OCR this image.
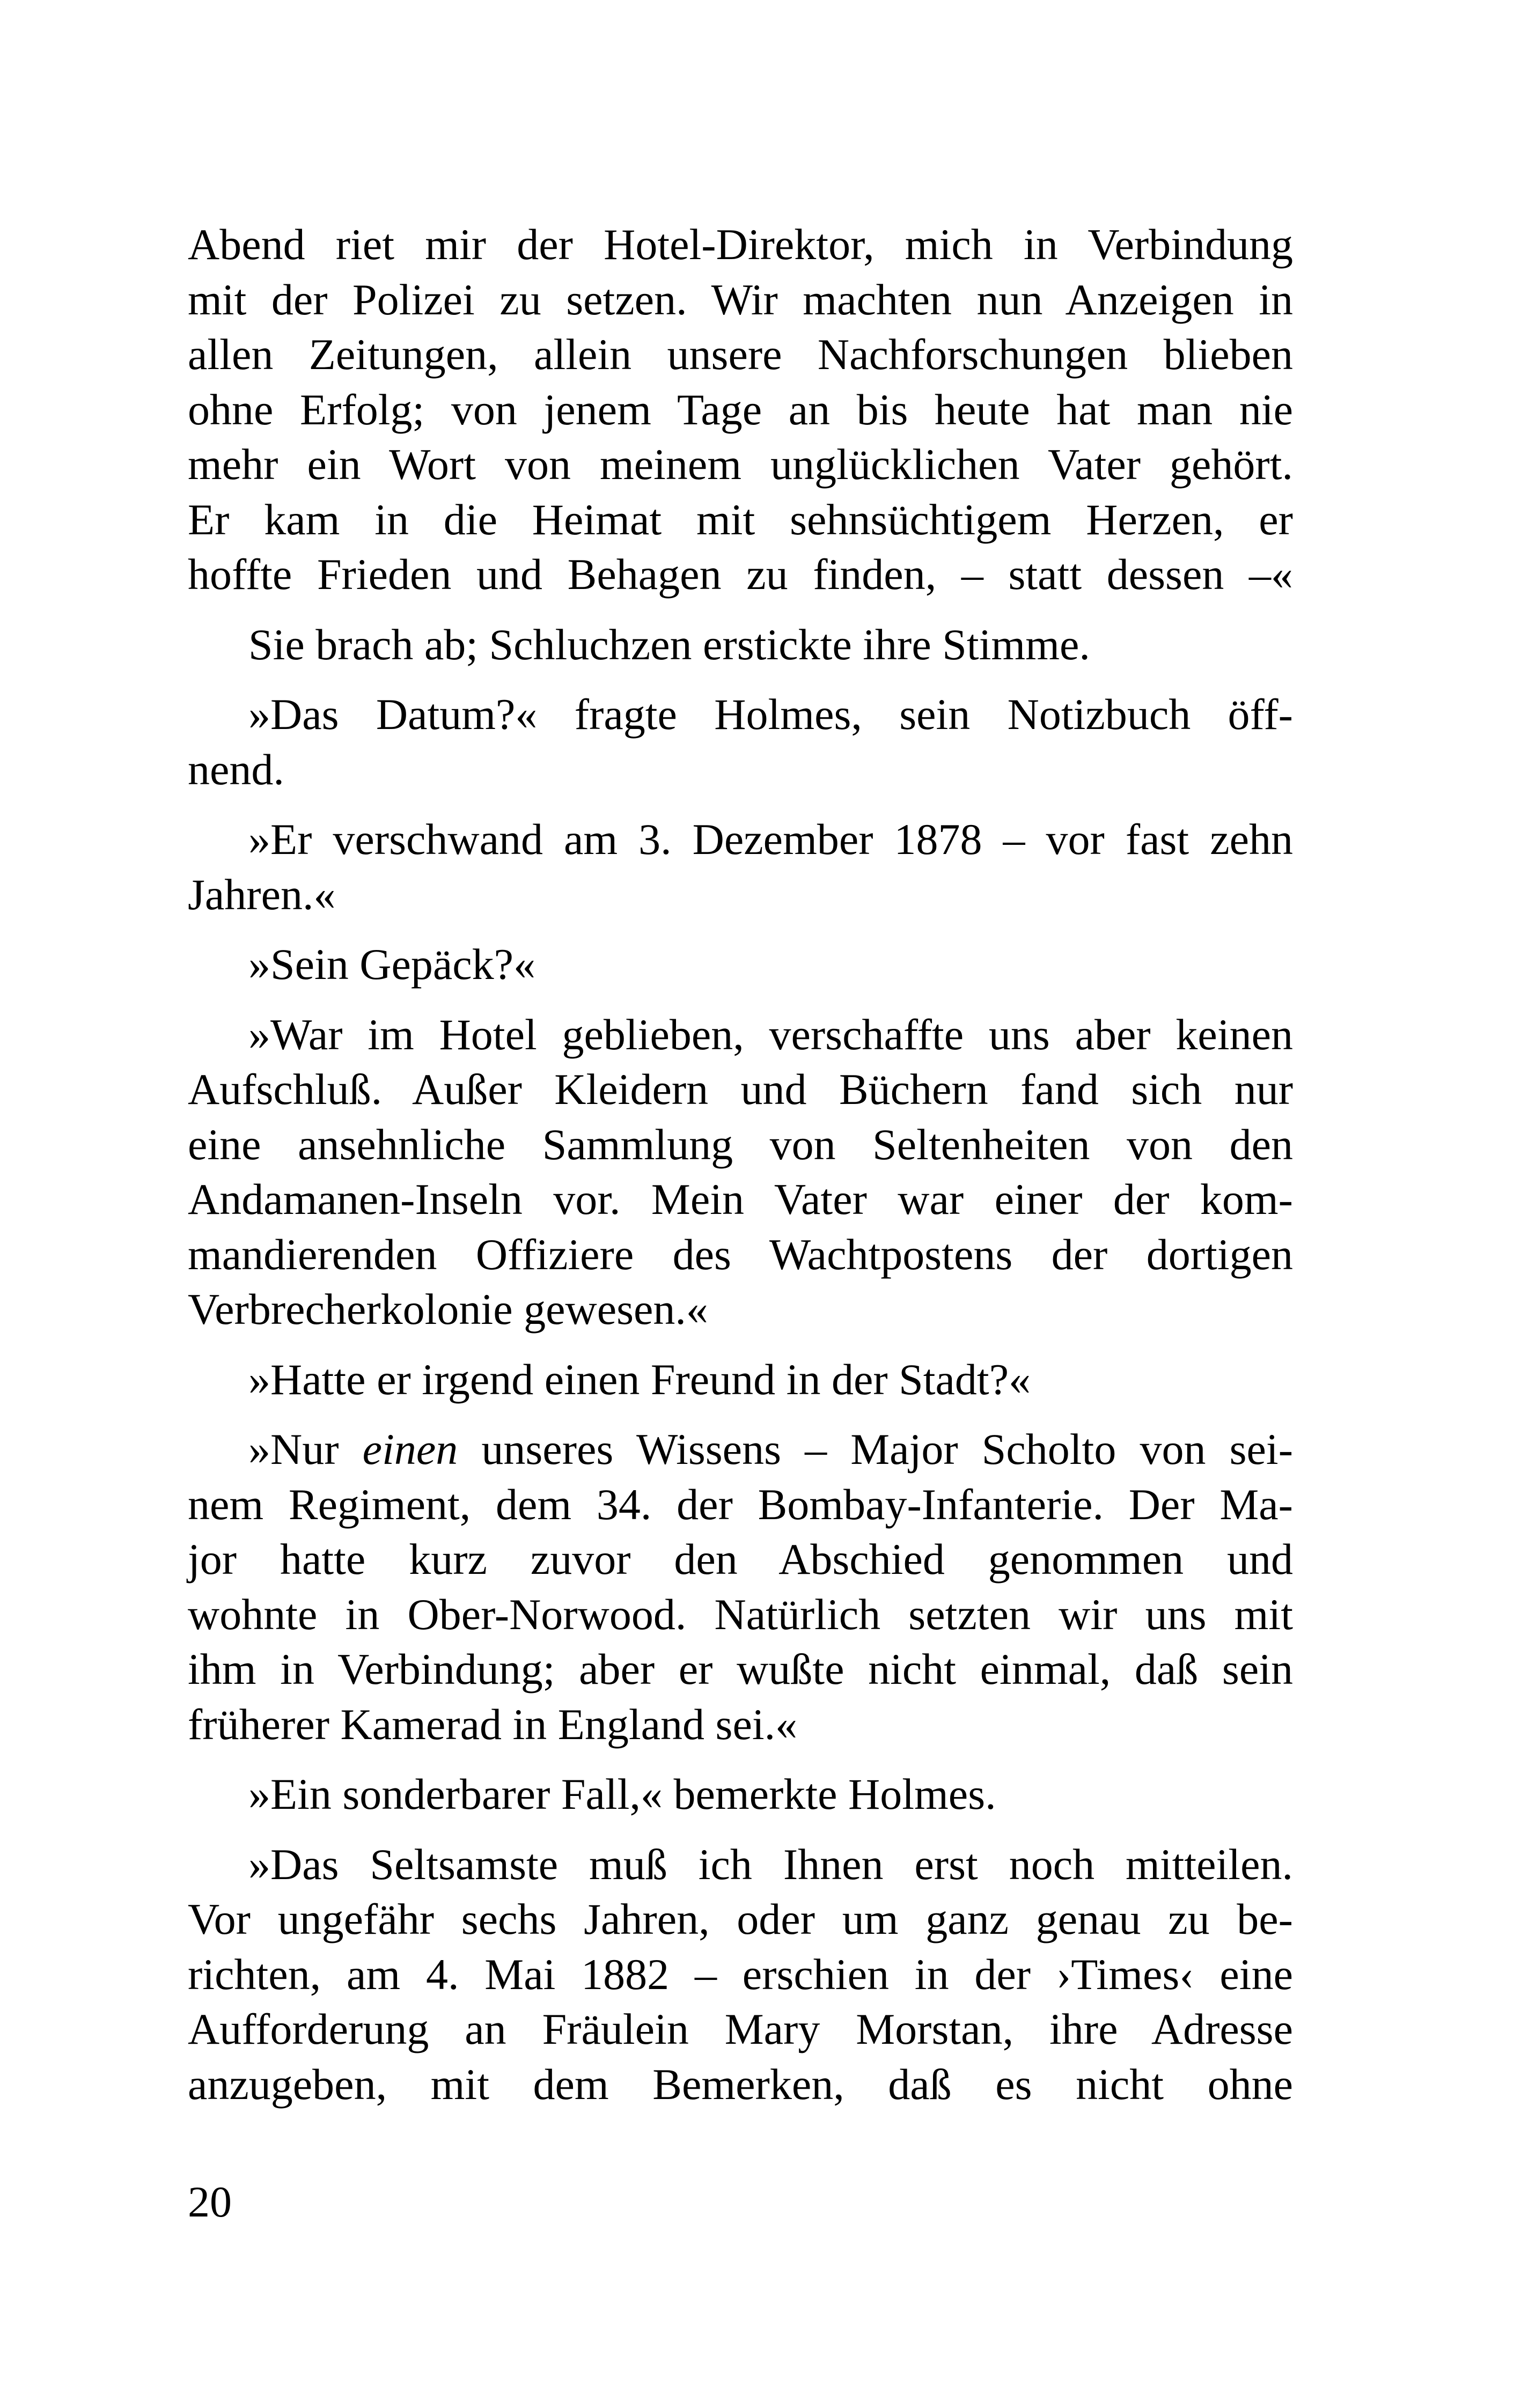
Abend riet mir der Hotel-Direktor, mich in Verbindung

mit der Polizei zu setzen. Wir machten nun Anzeigen in

allen Zeitungen, allein unsere Nachforschungen blieben

ohne Erfolg; von jenem Tage an bis heute hat man nie

mehr ein Wort von meinem unglücklichen Vater gehört.

Er kam in die Heimat mit sehnsüchtigem Herzen, er

hoffte Frieden und Behagen zu finden, – statt dessen –«

Sie brach ab; Schluchzen erstickte ihre Stimme.

»Das Datum?« fragte Holmes, sein Notizbuch öff-

nend.

»Er verschwand am 3. Dezember 1878 – vor fast zehn

Jahren.«

»Sein Gepäck?«

»War im Hotel geblieben, verschaffte uns aber keinen

Aufschluß. Außer Kleidern und Büchern fand sich nur

eine ansehnliche Sammlung von Seltenheiten von den

Andamanen-Inseln vor. Mein Vater war einer der kom-

mandierenden Offiziere des Wachtpostens der dortigen

Verbrecherkolonie gewesen.«

»Hatte er irgend einen Freund in der Stadt?«

»Nur einen unseres Wissens – Major Scholto von sei-

nem Regiment, dem 34. der Bombay-Infanterie. Der Ma-

jor hatte kurz zuvor den Abschied genommen und

wohnte in Ober-Norwood. Natürlich setzten wir uns mit

ihm in Verbindung; aber er wußte nicht einmal, daß sein

früherer Kamerad in England sei.«

»Ein sonderbarer Fall,« bemerkte Holmes.

»Das Seltsamste muß ich Ihnen erst noch mitteilen.

Vor ungefähr sechs Jahren, oder um ganz genau zu be-

richten, am 4. Mai 1882 – erschien in der ›Times‹ eine

Aufforderung an Fräulein Mary Morstan, ihre Adresse

anzugeben, mit dem Bemerken, daß es nicht ohne

20
